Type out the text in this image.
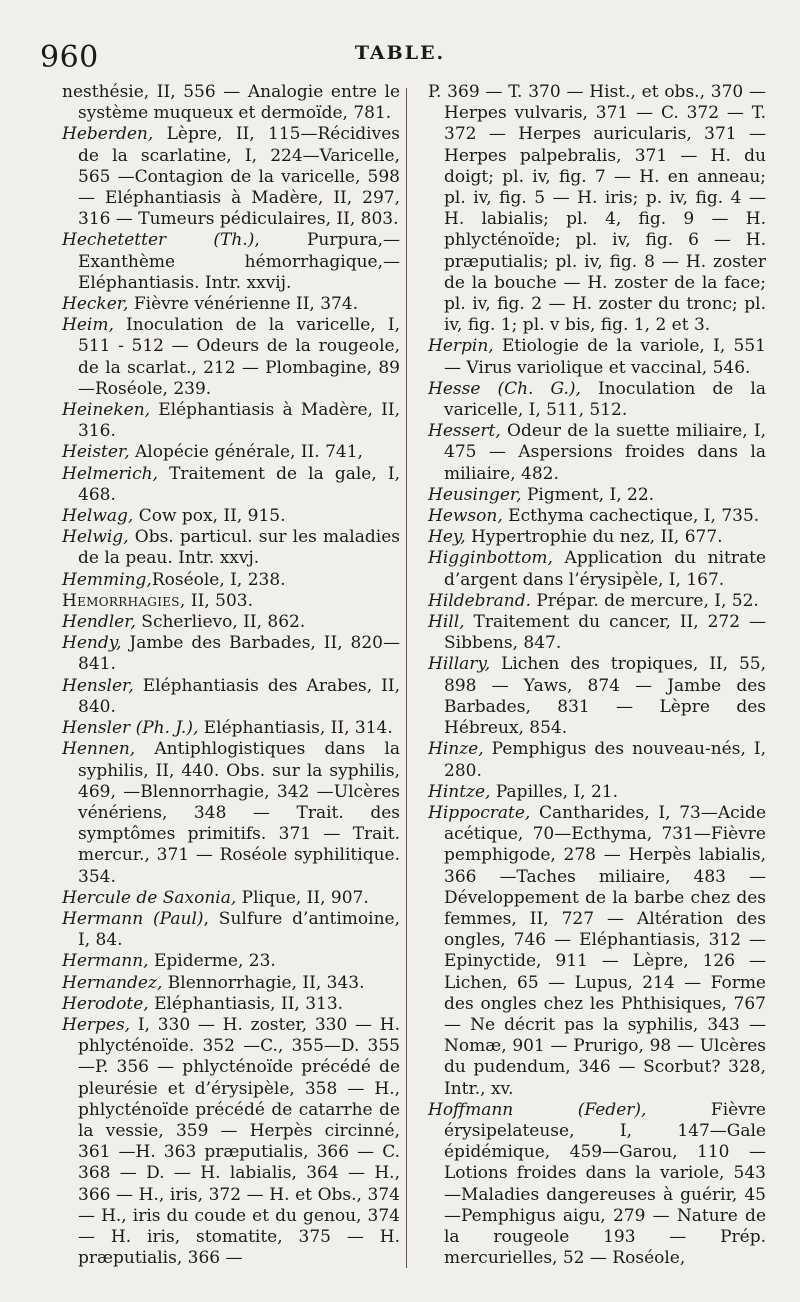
960	TABLE.

nesthésie, II, 556 — Analogie entre le système muqueux et dermoïde, 781.

Heberden, Lèpre, II, 115—Récidives de la scarlatine, I, 224—Varicelle, 565 —Contagion de la varicelle, 598 — Eléphantiasis à Madère, II, 297, 316 — Tumeurs pédiculaires, II, 803.

Hechetetter (Th.), Purpura,—Exanthème hémorrhagique,— Eléphantiasis. Intr. xxvij.

Hecker, Fièvre vénérienne II, 374.

Heim, Inoculation de la varicelle, I, 511 - 512 — Odeurs de la rougeole, de la scarlat., 212 — Plombagine, 89 —Roséole, 239.

Heineken, Eléphantiasis à Madère, II, 316.

Heister, Alopécie générale, II. 741,

Helmerich, Traitement de la gale, I, 468.

Helwag, Cow pox, II, 915.

Helwig, Obs. particul. sur les maladies de la peau. Intr. xxvj.

Hemming,Roséole, I, 238.

Hemorrhagies, II, 503.

Hendler, Scherlievo, II, 862.

Hendy, Jambe des Barbades, II, 820— 841.

Hensler, Eléphantiasis des Arabes, II, 840.

Hensler (Ph. J.), Eléphantiasis, II, 314.

Hennen, Antiphlogistiques dans la syphilis, II, 440. Obs. sur la syphilis, 469, —Blennorrhagie, 342 —Ulcères vénériens, 348 — Trait. des symptômes primitifs. 371 — Trait. mercur., 371 — Roséole syphilitique. 354.

Hercule de Saxonia, Plique, II, 907.

Hermann (Paul), Sulfure d’antimoine, I, 84.

Hermann, Epiderme, 23.

Hernandez, Blennorrhagie, II, 343.

Herodote, Eléphantiasis, II, 313.

Herpes, I, 330 — H. zoster, 330 — H. phlycténoïde. 352 —C., 355—D. 355 —P. 356 — phlycténoïde précédé de pleurésie et d’érysipèle, 358 — H., phlycténoïde précédé de catarrhe de la vessie, 359 — Herpès circinné, 361 —H. 363 præputialis, 366 — C. 368 — D. — H. labialis, 364 — H., 366 — H., iris, 372 — H. et Obs., 374 — H., iris du coude et du genou, 374 — H. iris, stomatite, 375 — H. præputialis, 366 —

P. 369 — T. 370 — Hist., et obs., 370 — Herpes vulvaris, 371 — C. 372 — T. 372 — Herpes auricularis, 371 — Herpes palpebralis, 371 — H. du doigt; pl. iv, fig. 7 — H. en anneau; pl. iv, fig. 5 — H. iris; p. iv, fig. 4 — H. labialis; pl. 4, fig. 9 — H. phlycténoïde; pl. iv, fig. 6 — H. præputialis; pl. iv, fig. 8 — H. zoster de la bouche — H. zoster de la face; pl. iv, fig. 2 — H. zoster du tronc; pl. iv, fig. 1; pl. v bis, fig. 1, 2 et 3.

Herpin, Etiologie de la variole, I, 551 — Virus variolique et vaccinal, 546.

Hesse (Ch. G.), Inoculation de la varicelle, I, 511, 512.

Hessert, Odeur de la suette miliaire, I, 475 — Aspersions froides dans la miliaire, 482.

Heusinger, Pigment, I, 22.

Hewson, Ecthyma cachectique, I, 735.

Hey, Hypertrophie du nez, II, 677.

Higginbottom, Application du nitrate d’argent dans l’érysipèle, I, 167.

Hildebrand. Prépar. de mercure, I, 52.

Hill, Traitement du cancer, II, 272 — Sibbens, 847.

Hillary, Lichen des tropiques, II, 55, 898 — Yaws, 874 — Jambe des Barbades, 831 — Lèpre des Hébreux, 854.

Hinze, Pemphigus des nouveau-nés, I, 280.

Hintze, Papilles, I, 21.

Hippocrate, Cantharides, I, 73—Acide acétique, 70—Ecthyma, 731—Fièvre pemphigode, 278 — Herpès labialis, 366 —Taches miliaire, 483 — Développement de la barbe chez des femmes, II, 727 — Altération des ongles, 746 — Eléphantiasis, 312 — Epinyctide, 911 — Lèpre, 126 — Lichen, 65 — Lupus, 214 — Forme des ongles chez les Phthisiques, 767 — Ne décrit pas la syphilis, 343 — Nomæ, 901 — Prurigo, 98 — Ulcères du pudendum, 346 — Scorbut? 328, Intr., xv.

Hoffmann (Feder), Fièvre érysipelateuse, I, 147—Gale épidémique, 459—Garou, 110 — Lotions froides dans la variole, 543 —Maladies dangereuses à guérir, 45 —Pemphigus aigu, 279 — Nature de la rougeole 193 — Prép. mercurielles, 52 — Roséole,
